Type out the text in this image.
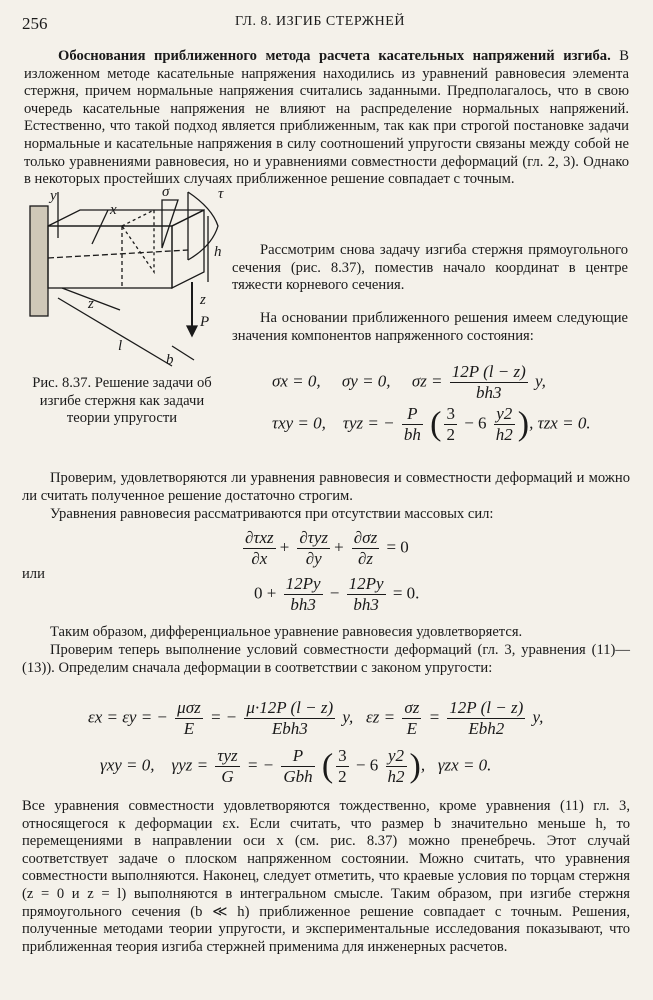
256	ГЛ. 8. ИЗГИБ СТЕРЖНЕЙ
Обоснования приближенного метода расчета касательных напряжений изгиба. В изложенном методе касательные напряжения находились из уравнений равновесия элемента стержня, причем нормальные напряжения считались заданными. Предполагалось, что в свою очередь касательные напряжения не влияют на распределение нормальных напряжений. Естественно, что такой подход является приближенным, так как при строгой постановке задачи нормальные и касательные напряжения в силу соотношений упругости связаны между собой не только уравнениями равновесия, но и уравнениями совместности деформаций (гл. 2, 3). Однако в некоторых простейших случаях приближенное решение совпадает с точным.
y
x
σ	τ
z	z
P
b
l
h
Рис. 8.37. Решение задачи об изгибе стержня как задачи теории упругости
Рассмотрим снова задачу изгиба стержня прямоугольного сечения (рис. 8.37), поместив начало координат в центре тяжести корневого сечения.
На основании приближенного решения имеем следующие значения компонентов напряженного состояния:
σx = 0, σy = 0, $\sigma z = \frac{12P (l - z)}{bh3} y$,
τxy = 0, τyz = − $\frac{P}{bh}$ ( $\frac{3}{2} - 6 \frac{y2}{h2}$ ), τzx = 0.
Проверим, удовлетворяются ли уравнения равновесия и совместности деформаций и можно ли считать полученное решение достаточно строгим.
Уравнения равновесия рассматриваются при отсутствии массовых сил:
$\frac{\text{∂τxz}}{\partial x} + \frac{\text{∂τyz}}{\partial y} + \frac{\partial\sigma z}{\partial z} = 0$
или
$0 + \frac{12Py}{bh3} - \frac{12Py}{bh3} = 0$.
Таким образом, дифференциальное уравнение равновесия удовлетворяется.
Проверим теперь выполнение условий совместности деформаций (гл. 3, уравнения (11)—(13)). Определим сначала деформации в соответствии с законом упругости:
εx = εy = − $\frac{\text{μσz}}{E}$ = − $\frac{\mu\cdot 12P (l - z)}{\text{Ebh3}} y$, $\varepsilon z = \frac{\sigma z}{E} = \frac{12P (l - z)}{\text{Ebh2}} y$,
γxy = 0, $\gamma yz = \frac{\text{τyz}}{G}$ = − $\frac{P}{\text{Gbh}}$ ( $\frac{3}{2} - 6 \frac{y2}{h2}$ ),   γzx = 0.
Все уравнения совместности удовлетворяются тождественно, кроме уравнения (11) гл. 3, относящегося к деформации εx. Если считать, что размер b значительно меньше h, то перемещениями в направлении оси x (см. рис. 8.37) можно пренебречь. Этот случай соответствует задаче о плоском напряженном состоянии. Можно считать, что уравнения совместности выполняются. Наконец, следует отметить, что краевые условия по торцам стержня (z = 0 и z = l) выполняются в интегральном смысле. Таким образом, при изгибе стержня прямоугольного сечения (b ≪ h) приближенное решение совпадает с точным. Решения, полученные методами теории упругости, и экспериментальные исследования показывают, что приближенная теория изгиба стержней применима для инженерных расчетов.
